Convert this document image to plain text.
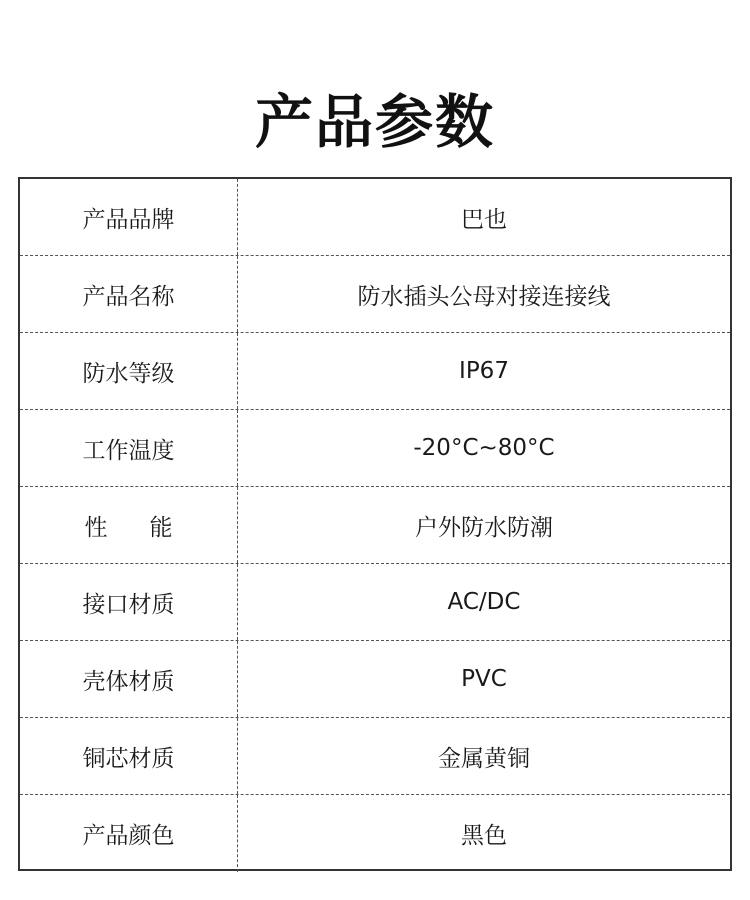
产品参数
产品品牌	巴也
产品名称	防水插头公母对接连接线
防水等级	IP67
工作温度	-20°C~80°C
性能	户外防水防潮
接口材质	AC/DC
壳体材质	PVC
铜芯材质	金属黄铜
产品颜色	黑色
